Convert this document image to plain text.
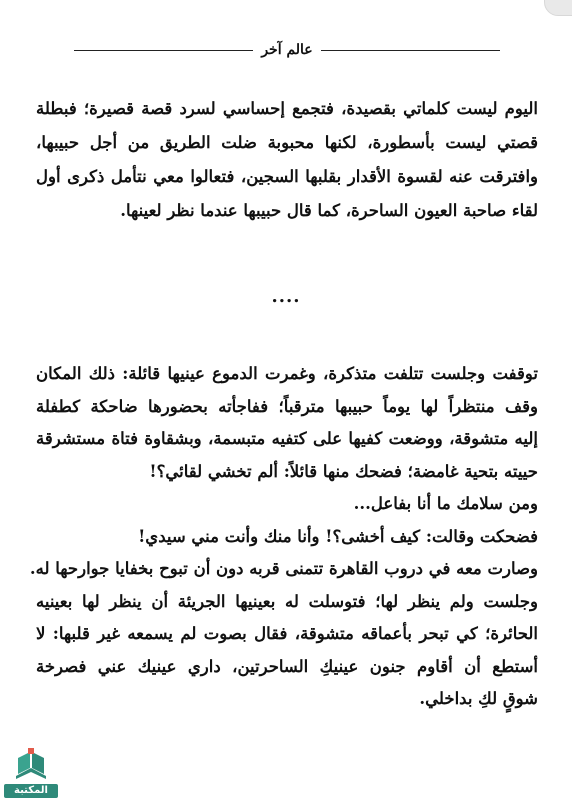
عالم آخر
اليوم ليست كلماتي بقصيدة، فتجمع إحساسي لسرد قصة قصيرة؛ فبطلة
قصتي ليست بأسطورة، لكنها محبوبة ضلت الطريق من أجل حبيبها،
وافترقت عنه لقسوة الأقدار بقلبها السجين، فتعالوا معي نتأمل ذكرى أول
لقاء صاحبة العيون الساحرة، كما قال حبيبها عندما نظر لعينها.
....
توقفت وجلست تتلفت متذكرة، وغمرت الدموع عينيها قائلة: ذلك المكان
وقف منتظراً لها يوماً حبيبها مترقباً؛ ففاجأته بحضورها ضاحكة كطفلة
إليه متشوقة، ووضعت كفيها على كتفيه متبسمة، وبشقاوة فتاة مستشرقة
حييته بتحية غامضة؛ فضحك منها قائلاً: ألم تخشي لقائي؟!
ومن سلامك ما أنا بفاعل...
فضحكت وقالت: كيف أخشى؟! وأنا منك وأنت مني سيدي!
وصارت معه في دروب القاهرة تتمنى قربه دون أن تبوح بخفايا جوارحها له.
وجلست ولم ينظر لها؛ فتوسلت له بعينيها الجريئة أن ينظر لها بعينيه
الحائرة؛ كي تبحر بأعماقه متشوقة، فقال بصوت لم يسمعه غير قلبها: لا
أستطع أن أقاوم جنون عينيكِ الساحرتين، داري عينيك عني فصرخة
شوقٍ لكِ بداخلي.
المكتبة
